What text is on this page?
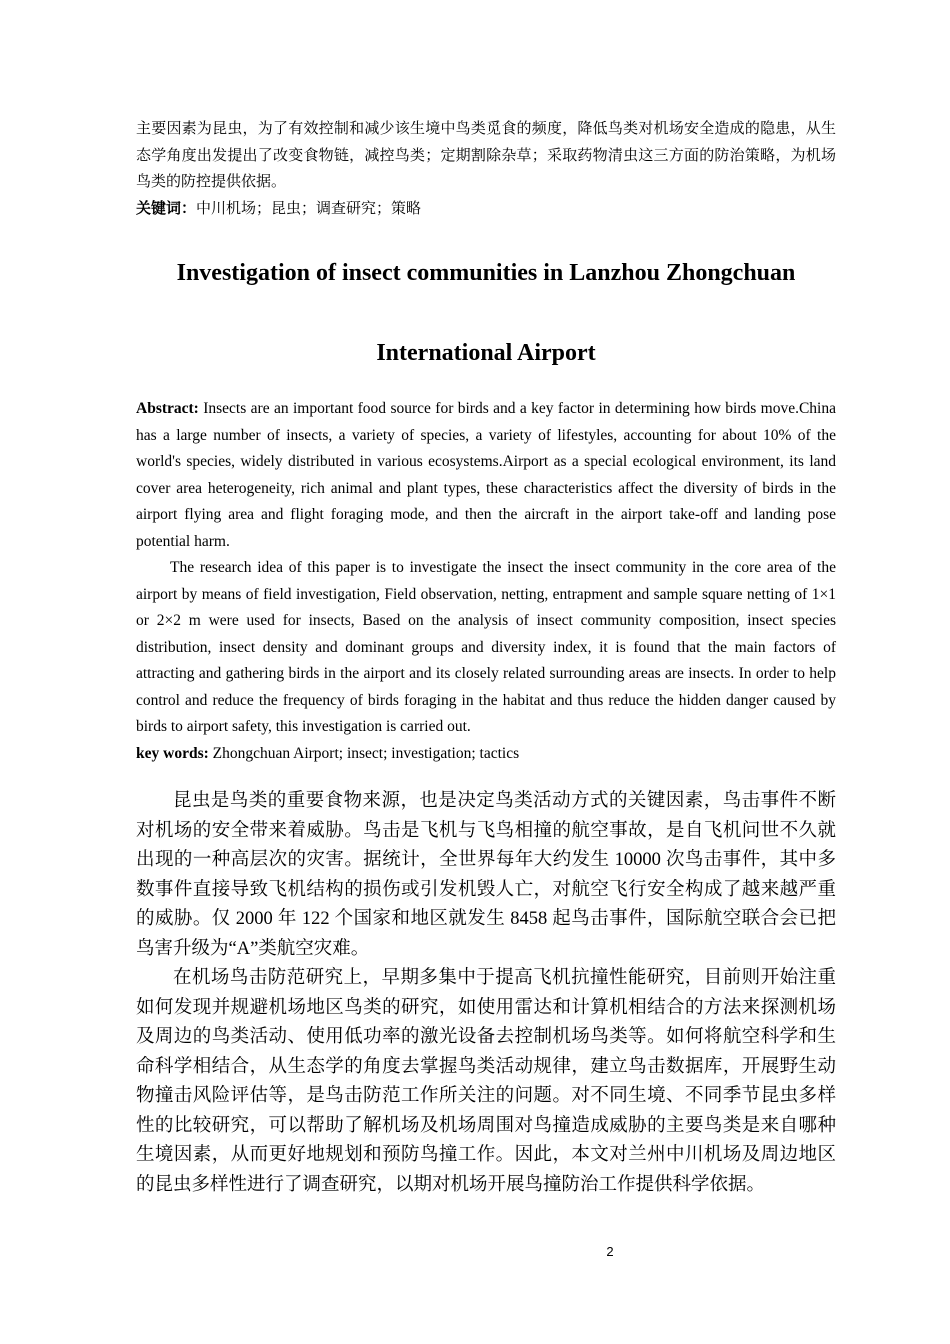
主要因素为昆虫，为了有效控制和减少该生境中鸟类觅食的频度，降低鸟类对机场安全造成的隐患，从生态学角度出发提出了改变食物链，减控鸟类；定期割除杂草；采取药物清虫这三方面的防治策略，为机场鸟类的防控提供依据。

关键词：中川机场；昆虫；调查研究；策略

Investigation of insect communities in Lanzhou Zhongchuan
International Airport

Abstract: Insects are an important food source for birds and a key factor in determining how birds move.China has a large number of insects, a variety of species, a variety of lifestyles, accounting for about 10% of the world's species, widely distributed in various ecosystems.Airport as a special ecological environment, its land cover area heterogeneity, rich animal and plant types, these characteristics affect the diversity of birds in the airport flying area and flight foraging mode, and then the aircraft in the airport take-off and landing pose potential harm.

The research idea of this paper is to investigate the insect the insect community in the core area of the airport by means of field investigation, Field observation, netting, entrapment and sample square netting of 1×1 or 2×2 m were used for insects, Based on the analysis of insect community composition, insect species distribution, insect density and dominant groups and diversity index, it is found that the main factors of attracting and gathering birds in the airport and its closely related surrounding areas are insects. In order to help control and reduce the frequency of birds foraging in the habitat and thus reduce the hidden danger caused by birds to airport safety, this investigation is carried out.

key words: Zhongchuan Airport; insect; investigation; tactics

昆虫是鸟类的重要食物来源，也是决定鸟类活动方式的关键因素，鸟击事件不断对机场的安全带来着威胁。鸟击是飞机与飞鸟相撞的航空事故，是自飞机问世不久就出现的一种高层次的灾害。据统计，全世界每年大约发生 10000 次鸟击事件，其中多数事件直接导致飞机结构的损伤或引发机毁人亡，对航空飞行安全构成了越来越严重的威胁。仅 2000 年 122 个国家和地区就发生 8458 起鸟击事件，国际航空联合会已把鸟害升级为“A”类航空灾难。

在机场鸟击防范研究上，早期多集中于提高飞机抗撞性能研究，目前则开始注重如何发现并规避机场地区鸟类的研究，如使用雷达和计算机相结合的方法来探测机场及周边的鸟类活动、使用低功率的激光设备去控制机场鸟类等。如何将航空科学和生命科学相结合，从生态学的角度去掌握鸟类活动规律，建立鸟击数据库，开展野生动物撞击风险评估等，是鸟击防范工作所关注的问题。对不同生境、不同季节昆虫多样性的比较研究，可以帮助了解机场及机场周围对鸟撞造成威胁的主要鸟类是来自哪种生境因素，从而更好地规划和预防鸟撞工作。因此，本文对兰州中川机场及周边地区的昆虫多样性进行了调查研究，以期对机场开展鸟撞防治工作提供科学依据。

2
